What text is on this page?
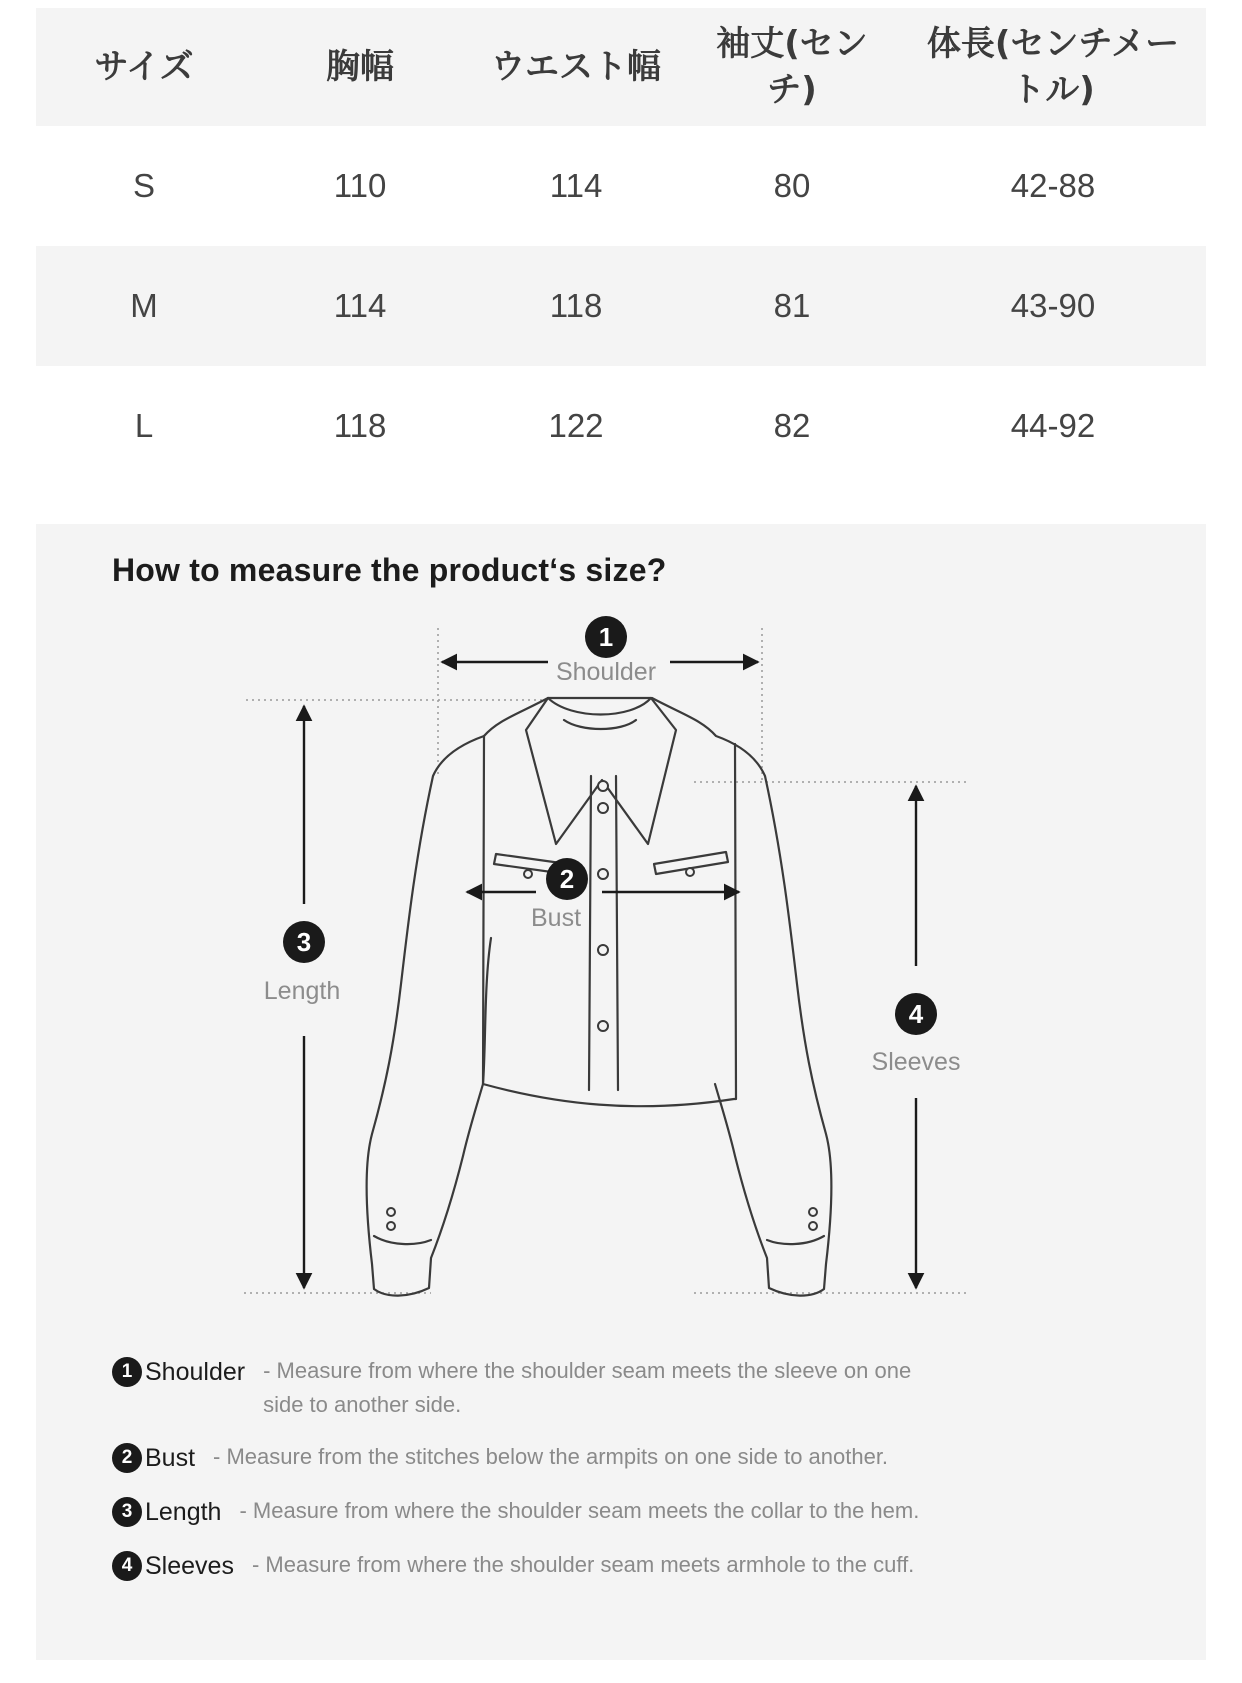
サイズ	胸幅	ウエスト幅	袖丈(センチ)	体長(センチメートル)
S	110	114	80	42-88
M	114	118	81	43-90
L	118	122	82	44-92
How to measure the product‘s size?
1
Shoulder
2
Bust
3
Length
4
Sleeves
1 Shoulder - Measure from where the shoulder seam meets the sleeve on one side to another side.
2 Bust - Measure from the stitches below the armpits on one side to another.
3 Length - Measure from where the shoulder seam meets the collar to the hem.
4 Sleeves - Measure from where the shoulder seam meets armhole to the cuff.
